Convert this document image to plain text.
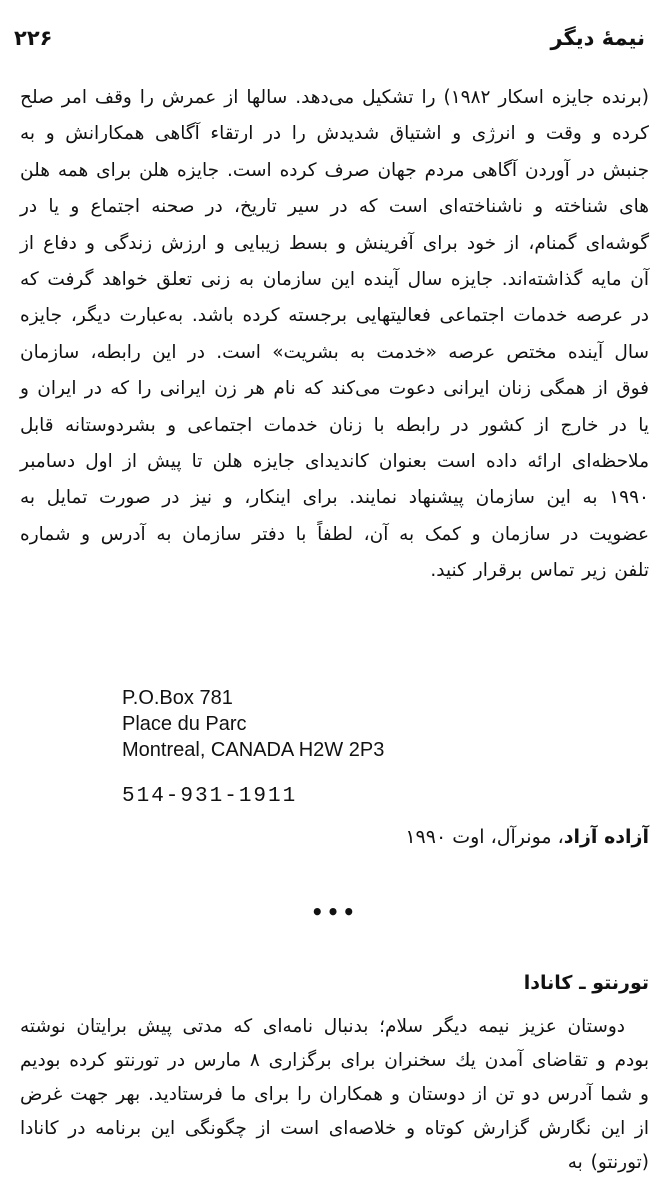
۲۲۶	نیمهٔ دیگر

(برنده جایزه اسکار ۱۹۸۲) را تشکیل می‌دهد. سالها از عمرش را وقف امر صلح کرده و وقت و انرژی و اشتیاق شدیدش را در ارتقاء آگاهی همکارانش و به جنبش در آوردن آگاهی مردم جهان صرف کرده است. جایزه هلن برای همه هلن های شناخته و ناشناخته‌ای است که در سیر تاریخ، در صحنه اجتماع و یا در گوشه‌ای گمنام، از خود برای آفرینش و بسط زیبایی و ارزش زندگی و دفاع از آن مایه گذاشته‌اند. جایزه سال آینده این سازمان به زنی تعلق خواهد گرفت که در عرصه خدمات اجتماعی فعالیتهایی برجسته کرده باشد. به‌عبارت دیگر، جایزه سال آینده مختص عرصه «خدمت به بشریت» است. در این رابطه، سازمان فوق از همگی زنان ایرانی دعوت می‌کند که نام هر زن ایرانی را که در ایران و یا در خارج از کشور در رابطه با زنان خدمات اجتماعی و بشردوستانه قابل ملاحظه‌ای ارائه داده است بعنوان کاندیدای جایزه هلن تا پیش از اول دسامبر ۱۹۹۰ به این سازمان پیشنهاد نمایند. برای اینکار، و نیز در صورت تمایل به عضویت در سازمان و کمک به آن، لطفاً با دفتر سازمان به آدرس و شماره تلفن زیر تماس برقرار کنید.

P.O.Box 781
Place du Parc
Montreal, CANADA H2W 2P3
514-931-1911
آزاده آزاد، مونرآل، اوت ۱۹۹۰
•••
تورنتو ـ کانادا

دوستان عزیز نیمه دیگر سلام؛ بدنبال نامه‌ای که مدتی پیش برایتان نوشته بودم و تقاضای آمدن یك سخنران برای برگزاری ۸ مارس در تورنتو کرده بودیم و شما آدرس دو تن از دوستان و همکاران را برای ما فرستادید. بهر جهت غرض از این نگارش گزارش کوتاه و خلاصه‌ای است از چگونگی این برنامه در کانادا (تورنتو) به
